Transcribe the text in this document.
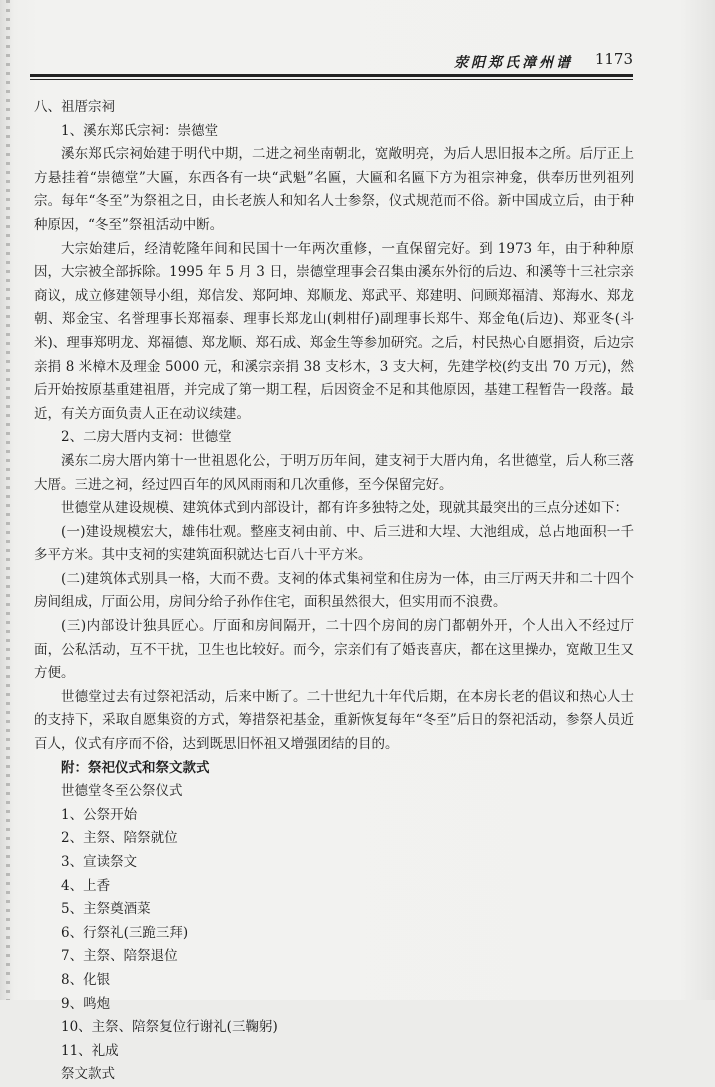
荥阳郑氏漳州谱 1173

八、祖厝宗祠

1、溪东郑氏宗祠：崇德堂

溪东郑氏宗祠始建于明代中期，二进之祠坐南朝北，宽敞明亮，为后人思旧报本之所。后厅正上方悬挂着“崇德堂”大匾，东西各有一块“武魁”名匾，大匾和名匾下方为祖宗神龛，供奉历世列祖列宗。每年“冬至”为祭祖之日，由长老族人和知名人士参祭，仪式规范而不俗。新中国成立后，由于种种原因，“冬至”祭祖活动中断。

大宗始建后，经清乾隆年间和民国十一年两次重修，一直保留完好。到 1973 年，由于种种原因，大宗被全部拆除。1995 年 5 月 3 日，崇德堂理事会召集由溪东外衍的后边、和溪等十三社宗亲商议，成立修建领导小组，郑信发、郑阿坤、郑顺龙、郑武平、郑建明、问顾郑福清、郑海水、郑龙朝、郑金宝、名誉理事长郑福泰、理事长郑龙山(剌柑仔)副理事长郑牛、郑金龟(后边)、郑亚冬(斗米)、理事郑明龙、郑福德、郑龙顺、郑石成、郑金生等参加研究。之后，村民热心自愿捐资，后边宗亲捐 8 米樟木及理金 5000 元，和溪宗亲捐 38 支杉木，3 支大柯，先建学校(约支出 70 万元)，然后开始按原基重建祖厝，并完成了第一期工程，后因资金不足和其他原因，基建工程暂告一段落。最近，有关方面负责人正在动议续建。

2、二房大厝内支祠：世德堂

溪东二房大厝内第十一世祖恩化公，于明万历年间，建支祠于大厝内角，名世德堂，后人称三落大厝。三进之祠，经过四百年的风风雨雨和几次重修，至今保留完好。

世德堂从建设规模、建筑体式到内部设计，都有许多独特之处，现就其最突出的三点分述如下：

(一)建设规模宏大，雄伟壮观。整座支祠由前、中、后三进和大埕、大池组成，总占地面积一千多平方米。其中支祠的实建筑面积就达七百八十平方米。

(二)建筑体式别具一格，大而不费。支祠的体式集祠堂和住房为一体，由三厅两天井和二十四个房间组成，厅面公用，房间分给子孙作住宅，面积虽然很大，但实用而不浪费。

(三)内部设计独具匠心。厅面和房间隔开，二十四个房间的房门都朝外开，个人出入不经过厅面，公私活动，互不干扰，卫生也比较好。而今，宗亲们有了婚丧喜庆，都在这里操办，宽敞卫生又方便。

世德堂过去有过祭祀活动，后来中断了。二十世纪九十年代后期，在本房长老的倡议和热心人士的支持下，采取自愿集资的方式，筹措祭祀基金，重新恢复每年“冬至”后日的祭祀活动，参祭人员近百人，仪式有序而不俗，达到既思旧怀祖又增强团结的目的。

附：祭祀仪式和祭文款式

世德堂冬至公祭仪式

1、公祭开始

2、主祭、陪祭就位

3、宣读祭文

4、上香

5、主祭奠酒菜

6、行祭礼(三跪三拜)

7、主祭、陪祭退位

8、化银

9、鸣炮

10、主祭、陪祭复位行谢礼(三鞠躬)

11、礼成

祭文款式
